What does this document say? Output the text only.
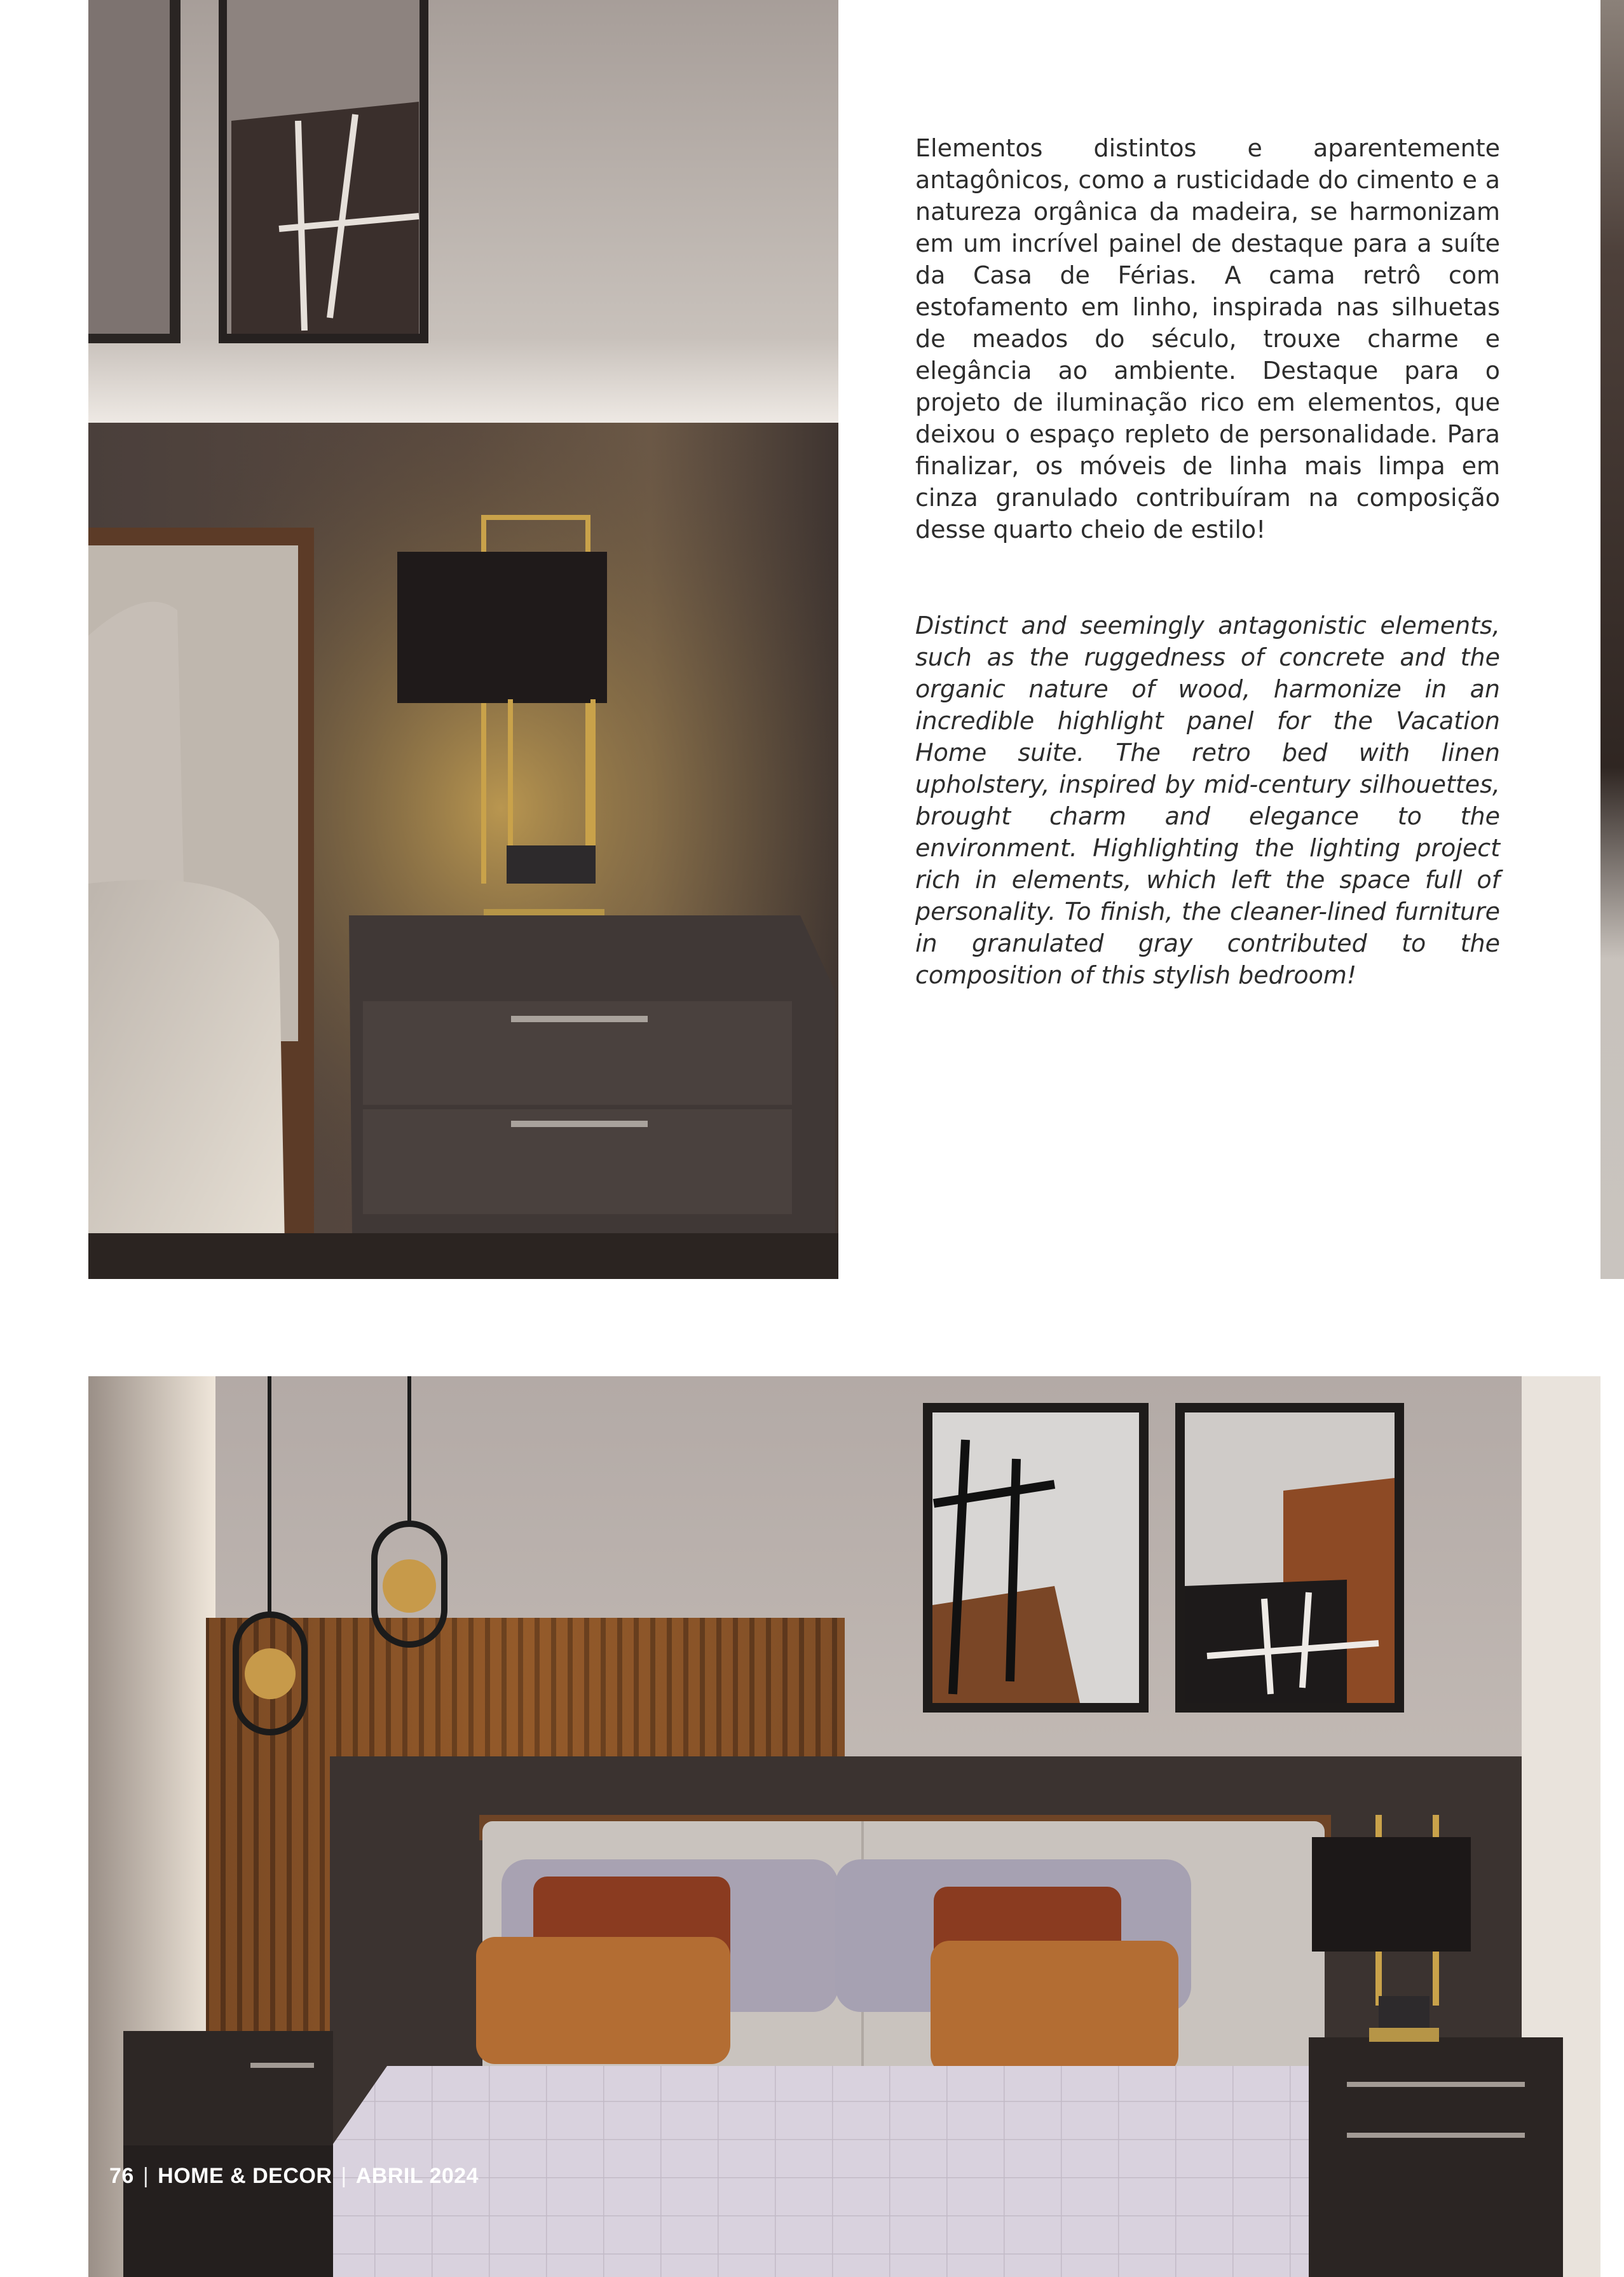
Elementos distintos e aparentemente antagônicos, como a rusticidade do cimento e a natureza orgânica da madeira, se harmonizam em um incrível painel de destaque para a suíte da Casa de Férias. A cama retrô com estofamento em linho, inspirada nas silhuetas de meados do século, trouxe charme e elegância ao ambiente. Destaque para o projeto de iluminação rico em elementos, que deixou o espaço repleto de personalidade. Para finalizar, os móveis de linha mais limpa em cinza granulado contribuíram na composição desse quarto cheio de estilo!

Distinct and seemingly antagonistic elements, such as the ruggedness of concrete and the organic nature of wood, harmonize in an incredible highlight panel for the Vacation Home suite. The retro bed with linen upholstery, inspired by mid-century silhouettes, brought charm and elegance to the environment. Highlighting the lighting project rich in elements, which left the space full of personality. To finish, the cleaner-lined furniture in granulated gray contributed to the composition of this stylish bedroom!

76 | HOME & DECOR | ABRIL 2024
